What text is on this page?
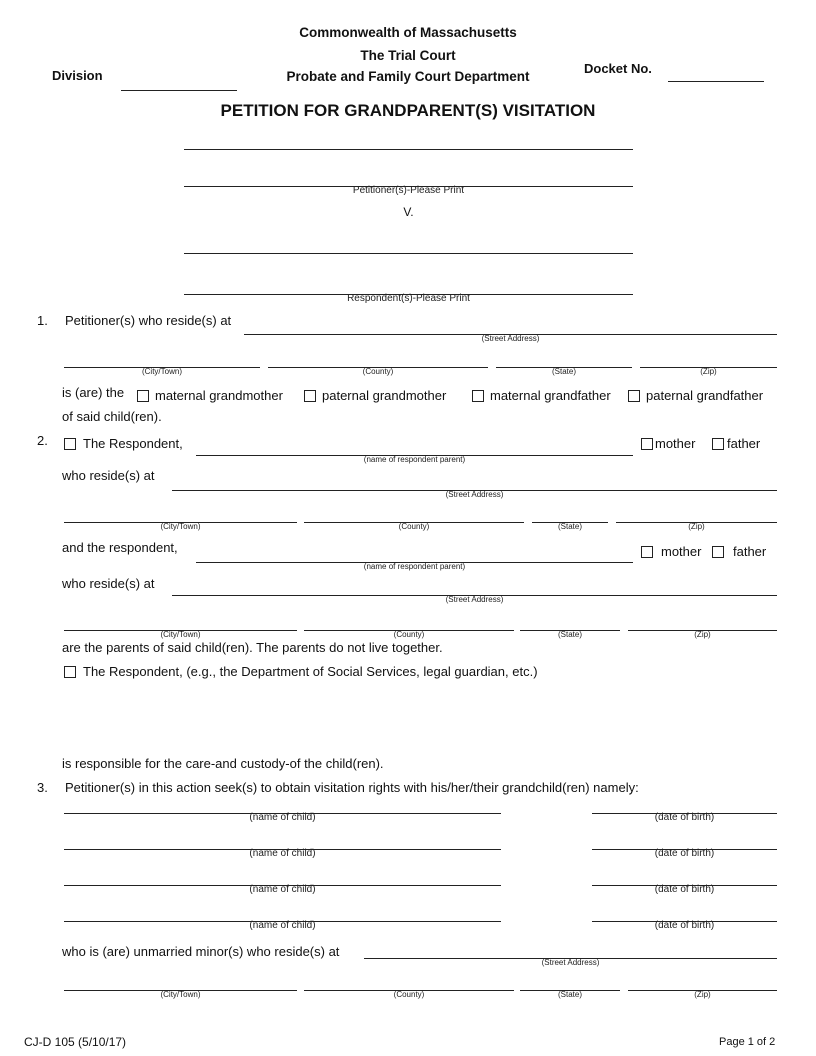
Commonwealth of Massachusetts
The Trial Court
Probate and Family Court Department
Division	Docket No.
PETITION FOR GRANDPARENT(S) VISITATION
Petitioner(s)-Please Print
V.
Respondent(s)-Please Print
1. Petitioner(s) who reside(s) at
(Street Address)
(City/Town)	(County)	(State)	(Zip)
is (are) the maternal grandmother	paternal grandmother	maternal grandfather	paternal grandfather
of said child(ren).
2.	The Respondent,
(name of respondent parent)
mother father
who reside(s) at
(Street Address)
(City/Town)	(County)	(State)	(Zip)
and the respondent,
(name of respondent parent)
mother father
who reside(s) at
(Street Address)
(City/Town)	(County)	(State)	(Zip)
are the parents of said child(ren). The parents do not live together.
The Respondent, (e.g., the Department of Social Services, legal guardian, etc.)
is responsible for the care-and custody-of the child(ren).
3. Petitioner(s) in this action seek(s) to obtain visitation rights with his/her/their grandchild(ren) namely:
(name of child)	(date of birth)
(name of child)	(date of birth)
(name of child)	(date of birth)
(name of child)	(date of birth)
who is (are) unmarried minor(s) who reside(s) at
(Street Address)
(City/Town)	(County)	(State)	(Zip)
CJ-D 105 (5/10/17)	Page 1 of 2
